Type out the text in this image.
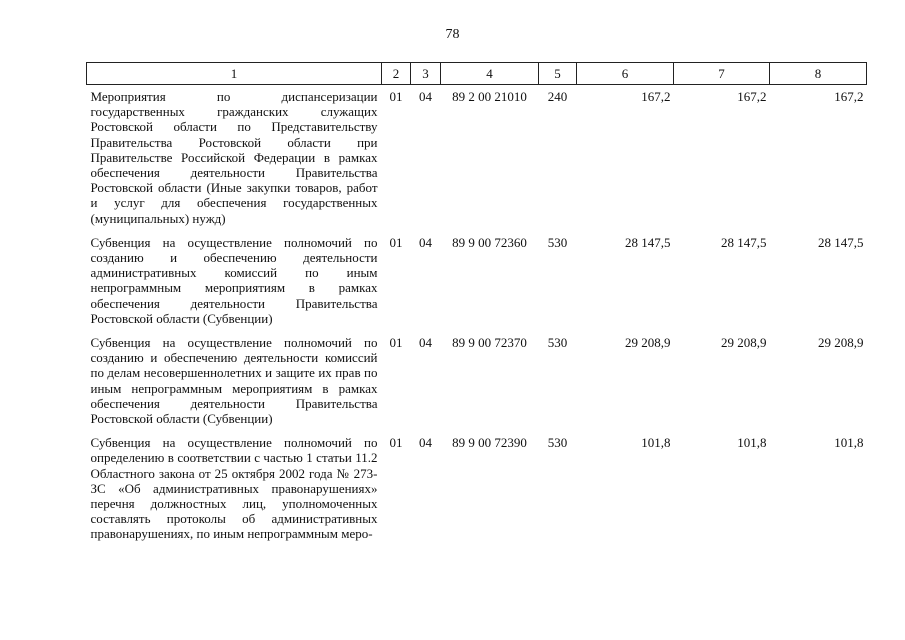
78
1	2	3	4	5	6	7	8
Мероприятия по диспансеризации государственных гражданских служащих Ростовской области по Представительству Правительства Ростовской области при Правительстве Российской Федерации в рамках обеспечения деятельности Правительства Ростовской области (Иные закупки товаров, работ и услуг для обеспечения государственных (муниципальных) нужд)	01	04	89 2 00 21010	240	167,2	167,2	167,2
Субвенция на осуществление полномочий по созданию и обеспечению деятельности административных комиссий по иным непрограммным мероприятиям в рамках обеспечения деятельности Правительства Ростовской области (Субвенции)	01	04	89 9 00 72360	530	28 147,5	28 147,5	28 147,5
Субвенция на осуществление полномочий по созданию и обеспечению деятельности комиссий по делам несовершеннолетних и защите их прав по иным непрограммным мероприятиям в рамках обеспечения деятельности Правительства Ростовской области (Субвенции)	01	04	89 9 00 72370	530	29 208,9	29 208,9	29 208,9
Субвенция на осуществление полномочий по определению в соответствии с частью 1 статьи 11.2 Областного закона от 25 октября 2002 года № 273-ЗС «Об административных правонарушениях» перечня должностных лиц, уполномоченных составлять протоколы об административных правонарушениях, по иным непрограммным меро-	01	04	89 9 00 72390	530	101,8	101,8	101,8
